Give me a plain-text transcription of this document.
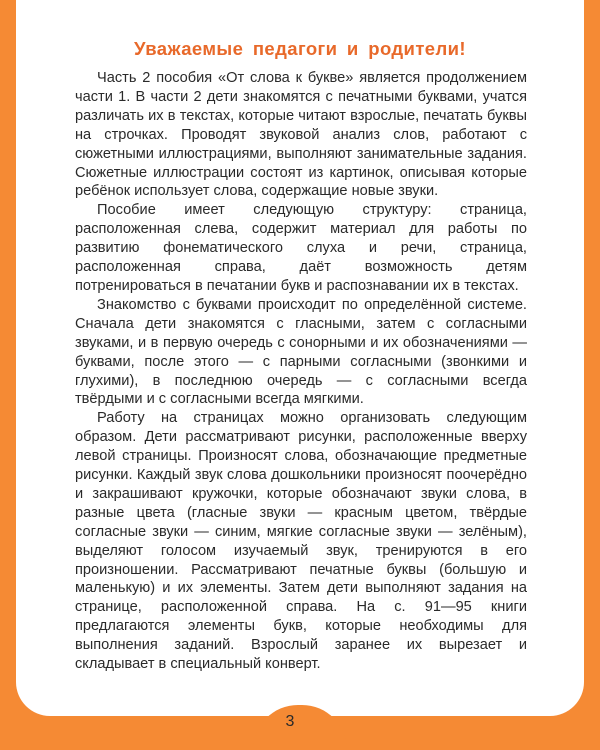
Уважаемые педагоги и родители!

Часть 2 пособия «От слова к букве» является продолжением части 1. В части 2 дети знакомятся с печатными буквами, учатся различать их в текстах, которые читают взрослые, печатать буквы на строчках. Проводят звуковой анализ слов, работают с сюжетными иллюстрациями, выполняют занимательные задания. Сюжетные иллюстрации состоят из картинок, описывая которые ребёнок использует слова, содержащие новые звуки.

Пособие имеет следующую структуру: страница, расположенная слева, содержит материал для работы по развитию фонематического слуха и речи, страница, расположенная справа, даёт возможность детям потренироваться в печатании букв и распознавании их в текстах.

Знакомство с буквами происходит по определённой системе. Сначала дети знакомятся с гласными, затем с согласными звуками, и в первую очередь с сонорными и их обозначениями — буквами, после этого — с парными согласными (звонкими и глухими), в последнюю очередь — с согласными всегда твёрдыми и с согласными всегда мягкими.

Работу на страницах можно организовать следующим образом. Дети рассматривают рисунки, расположенные вверху левой страницы. Произносят слова, обозначающие предметные рисунки. Каждый звук слова дошкольники произносят поочерёдно и закрашивают кружочки, которые обозначают звуки слова, в разные цвета (гласные звуки — красным цветом, твёрдые согласные звуки — синим, мягкие согласные звуки — зелёным), выделяют голосом изучаемый звук, тренируются в его произношении. Рассматривают печатные буквы (большую и маленькую) и их элементы. Затем дети выполняют задания на странице, расположенной справа. На с. 91—95 книги предлагаются элементы букв, которые необходимы для выполнения заданий. Взрослый заранее их вырезает и складывает в специальный конверт.

3
